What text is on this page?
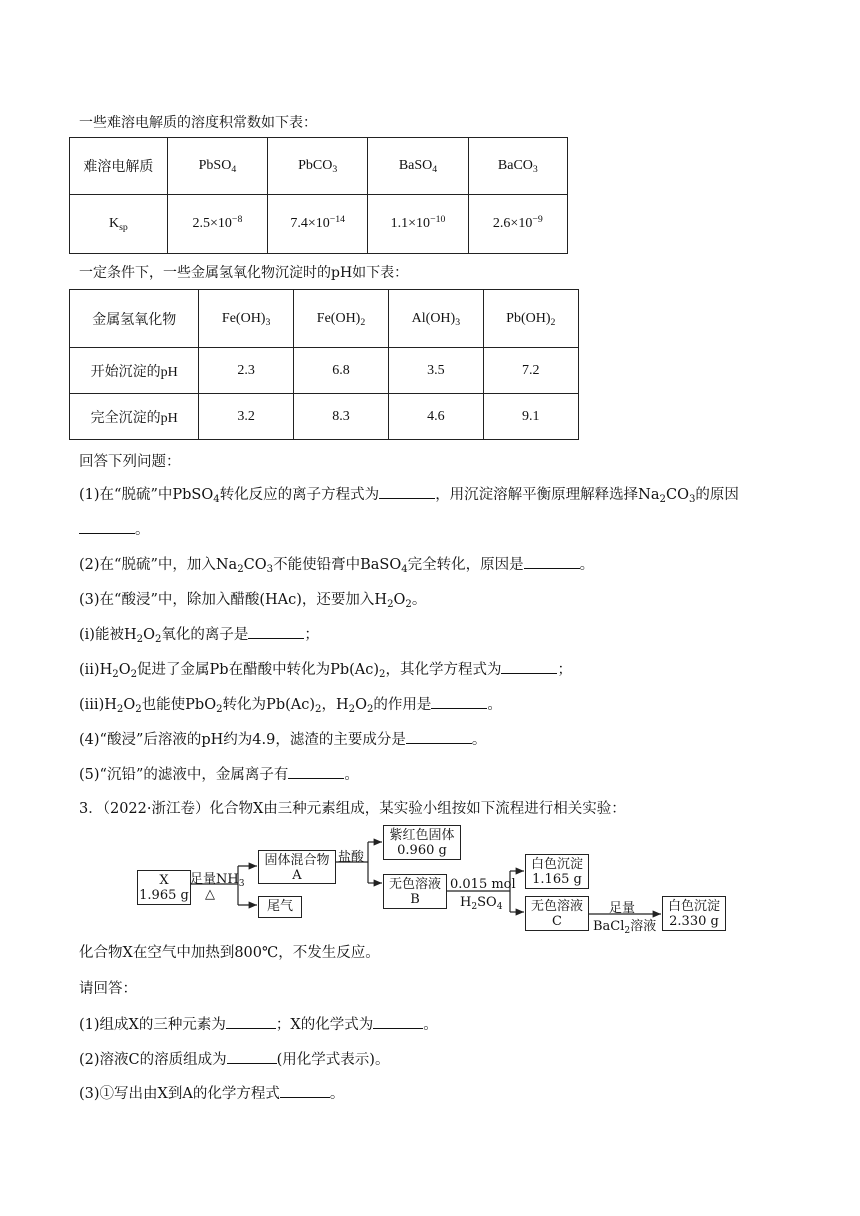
一些难溶电解质的溶度积常数如下表：
难溶电解质	PbSO$_4$	PbCO$_3$	BaSO$_4$	BaCO$_3$
$K_{sp}$	$2.5\times 10^{-8}$	$7.4\times 10^{-14}$	$1.1\times 10^{-10}$	$2.6\times 10^{-9}$
一定条件下，一些金属氢氧化物沉淀时的pH如下表：
金属氢氧化物	$Fe(OH)_3$	$Fe(OH)_2$	$Al(OH)_3$	$Pb(OH)_2$
开始沉淀的pH	2.3	6.8	3.5	7.2
完全沉淀的pH	3.2	8.3	4.6	9.1
回答下列问题：
(1)在“脱硫”中PbSO$_4$转化反应的离子方程式为	，用沉淀溶解平衡原理解释选择$Na_2CO_3$的原因
。
(2)在“脱硫”中，加入$Na_2CO_3$不能使铅膏中BaSO$_4$完全转化，原因是	。
(3)在“酸浸”中，除加入醋酸(HAc)，还要加入$H_2O_2$。
(ⅰ)能被$H_2O_2$氧化的离子是	；
$(ⅱ)H_2O_2$促进了金属Pb在醋酸中转化为$Pb(Ac)_2$，其化学方程式为	；
$(ⅲ)H_2O_2$也能使PbO$_2$转化为$Pb(Ac)_2$，$H_2O_2$的作用是	。
(4)“酸浸”后溶液的pH约为4.9，滤渣的主要成分是	。
(5)“沉铅”的滤液中，金属离子有	。
3．（2022·浙江卷）化合物X由三种元素组成，某实验小组按如下流程进行相关实验：
X
1.965 g
足量$NH_3$
△
固体混合物
A
尾气
盐酸
紫红色固体
0.960 g
无色溶液
B
0.015 mol
$H_2SO_4$
白色沉淀
1.165 g
无色溶液
C
足量
BaCl$_2$溶液
白色沉淀
2.330 g
化合物X在空气中加热到800℃，不发生反应。
请回答：
(1)组成X的三种元素为	；X的化学式为	。
(2)溶液C的溶质组成为	(用化学式表示)。
(3)①写出由X到A的化学方程式	。
